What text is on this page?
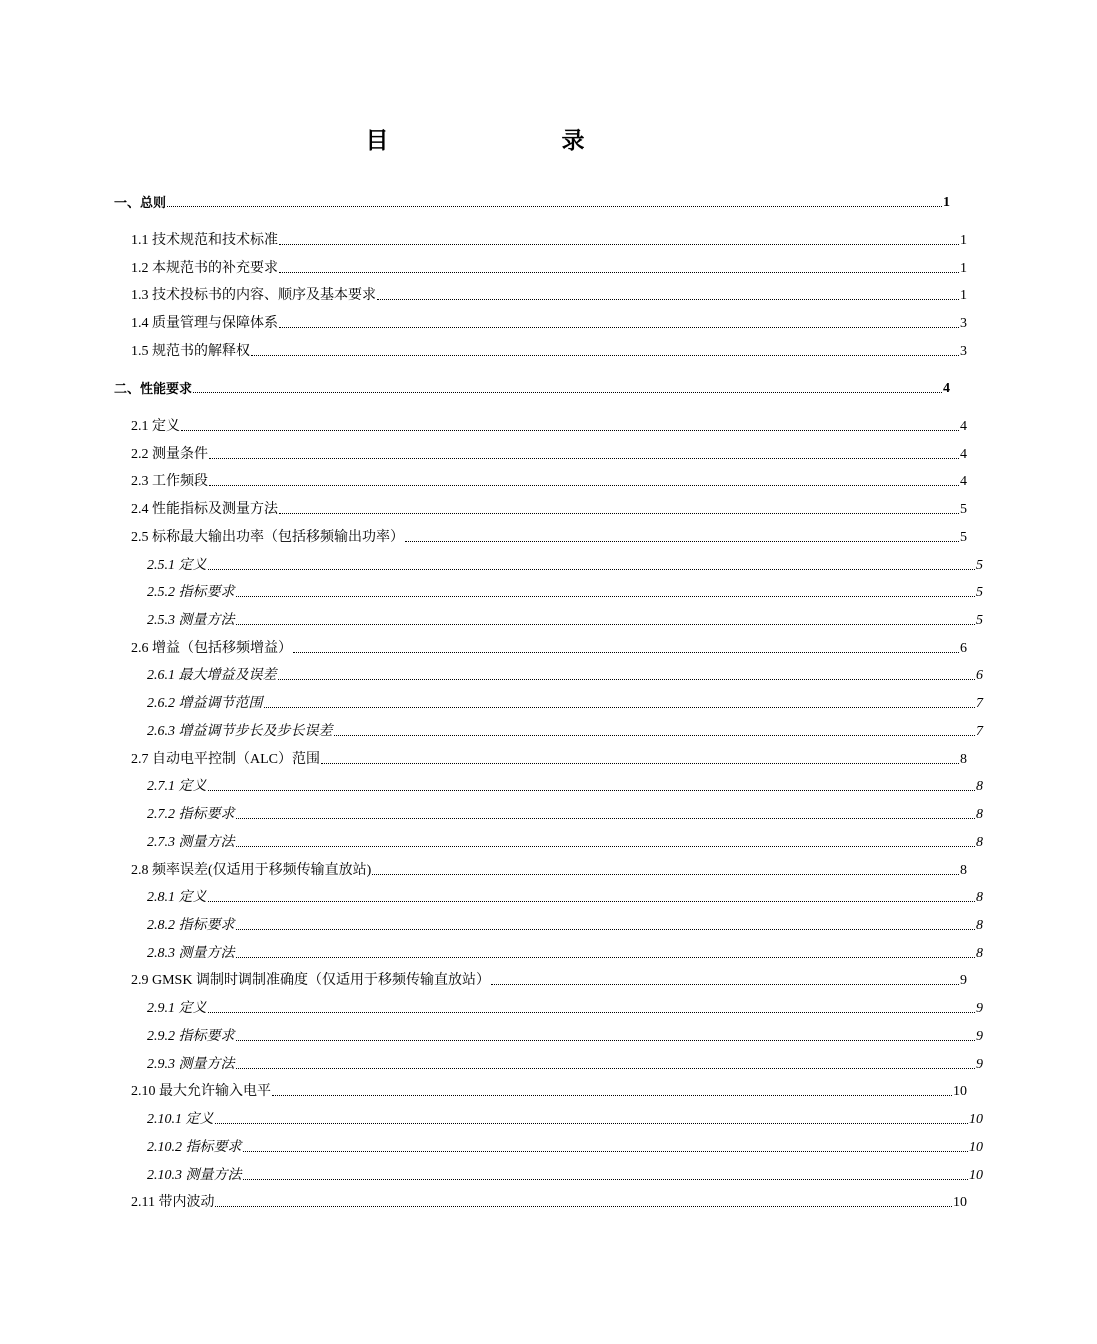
目　录
一、总则	1
1.1 技术规范和技术标准	1
1.2 本规范书的补充要求	1
1.3 技术投标书的内容、顺序及基本要求	1
1.4 质量管理与保障体系	3
1.5 规范书的解释权	3
二、性能要求	4
2.1 定义	4
2.2 测量条件	4
2.3 工作频段	4
2.4 性能指标及测量方法	5
2.5 标称最大输出功率（包括移频输出功率）	5
2.5.1 定义	5
2.5.2 指标要求	5
2.5.3 测量方法	5
2.6 增益（包括移频增益）	6
2.6.1 最大增益及误差	6
2.6.2 增益调节范围	7
2.6.3 增益调节步长及步长误差	7
2.7 自动电平控制（ALC）范围	8
2.7.1 定义	8
2.7.2 指标要求	8
2.7.3 测量方法	8
2.8 频率误差(仅适用于移频传输直放站)	8
2.8.1 定义	8
2.8.2 指标要求	8
2.8.3 测量方法	8
2.9 GMSK 调制时调制准确度（仅适用于移频传输直放站）	9
2.9.1 定义	9
2.9.2 指标要求	9
2.9.3 测量方法	9
2.10 最大允许输入电平	10
2.10.1 定义	10
2.10.2 指标要求	10
2.10.3 测量方法	10
2.11 带内波动	10
